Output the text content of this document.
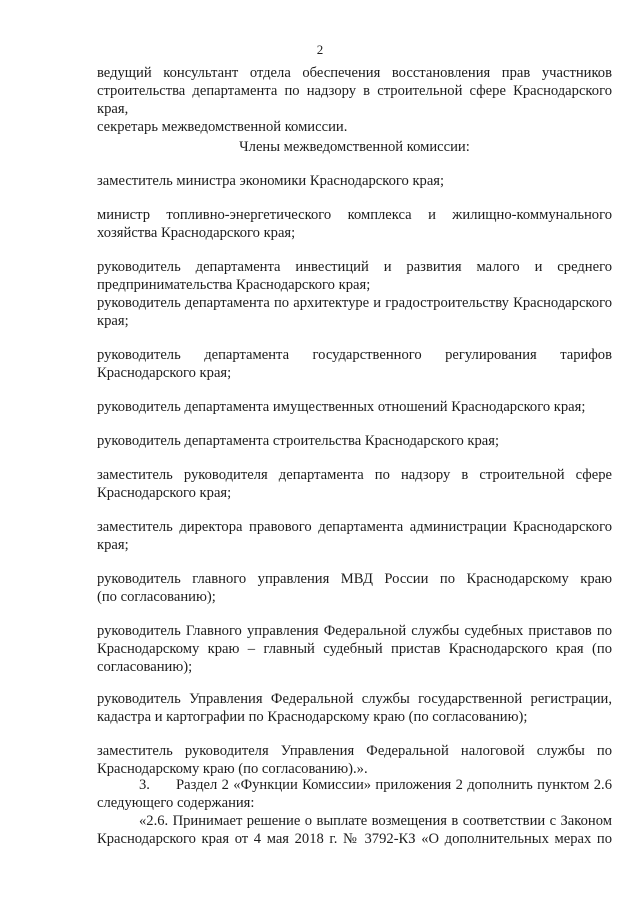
2
ведущий консультант отдела обеспечения восстановления прав участников
строительства департамента по надзору в строительной сфере Краснодарского края,
секретарь межведомственной комиссии.
Члены межведомственной комиссии:
заместитель министра экономики Краснодарского края;
министр топливно-энергетического комплекса и жилищно-коммунального
хозяйства Краснодарского края;
руководитель департамента инвестиций и развития малого и среднего
предпринимательства Краснодарского края;
руководитель департамента по архитектуре и градостроительству Краснодарского
края;
руководитель департамента государственного регулирования тарифов
Краснодарского края;
руководитель департамента имущественных отношений Краснодарского края;
руководитель департамента строительства Краснодарского края;
заместитель руководителя департамента по надзору в строительной сфере
Краснодарского края;
заместитель директора правового департамента администрации Краснодарского
края;
руководитель главного управления МВД России по Краснодарскому краю
(по согласованию);
руководитель Главного управления Федеральной службы судебных приставов по
Краснодарскому краю – главный судебный пристав Краснодарского края (по
согласованию);
руководитель Управления Федеральной службы государственной регистрации,
кадастра и картографии по Краснодарскому краю (по согласованию);
заместитель руководителя Управления Федеральной налоговой службы по
Краснодарскому краю (по согласованию).».
3.      Раздел 2 «Функции Комиссии» приложения 2 дополнить пунктом 2.6
следующего содержания:
«2.6. Принимает решение о выплате возмещения в соответствии с Законом
Краснодарского края от 4 мая 2018 г. № 3792-КЗ «О дополнительных мерах по
